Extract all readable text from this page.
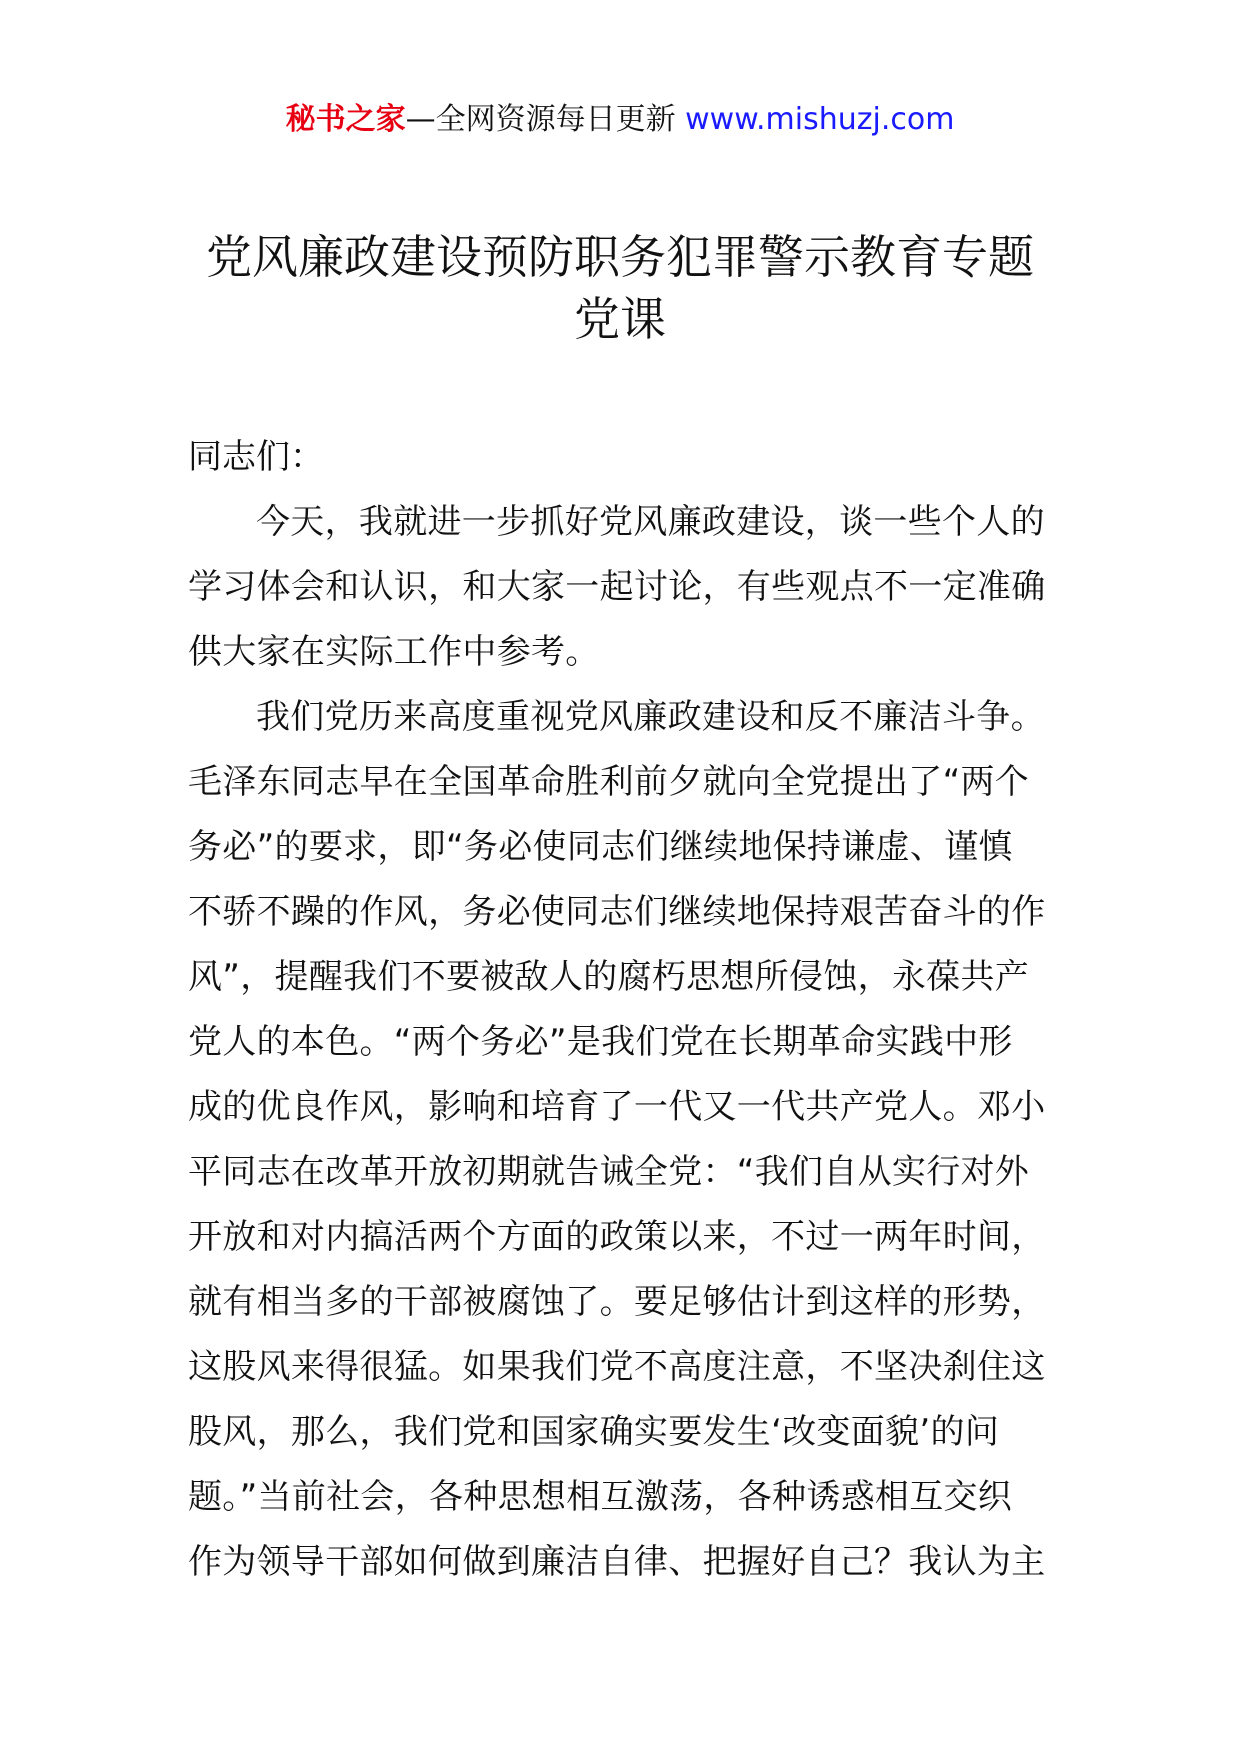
秘书之家—全网资源每日更新 www.mishuzj.com
党风廉政建设预防职务犯罪警示教育专题
党课

同志们：

今天，我就进一步抓好党风廉政建设，谈一些个人的
学习体会和认识，和大家一起讨论，有些观点不一定准确
供大家在实际工作中参考。

我们党历来高度重视党风廉政建设和反不廉洁斗争。
毛泽东同志早在全国革命胜利前夕就向全党提出了“两个
务必”的要求，即“务必使同志们继续地保持谦虚、谨慎
不骄不躁的作风，务必使同志们继续地保持艰苦奋斗的作
风”，提醒我们不要被敌人的腐朽思想所侵蚀，永葆共产
党人的本色。“两个务必”是我们党在长期革命实践中形
成的优良作风，影响和培育了一代又一代共产党人。邓小
平同志在改革开放初期就告诫全党：“我们自从实行对外
开放和对内搞活两个方面的政策以来，不过一两年时间，
就有相当多的干部被腐蚀了。要足够估计到这样的形势，
这股风来得很猛。如果我们党不高度注意，不坚决刹住这
股风，那么，我们党和国家确实要发生‘改变面貌’的问
题。”当前社会，各种思想相互激荡，各种诱惑相互交织
作为领导干部如何做到廉洁自律、把握好自己？我认为主
